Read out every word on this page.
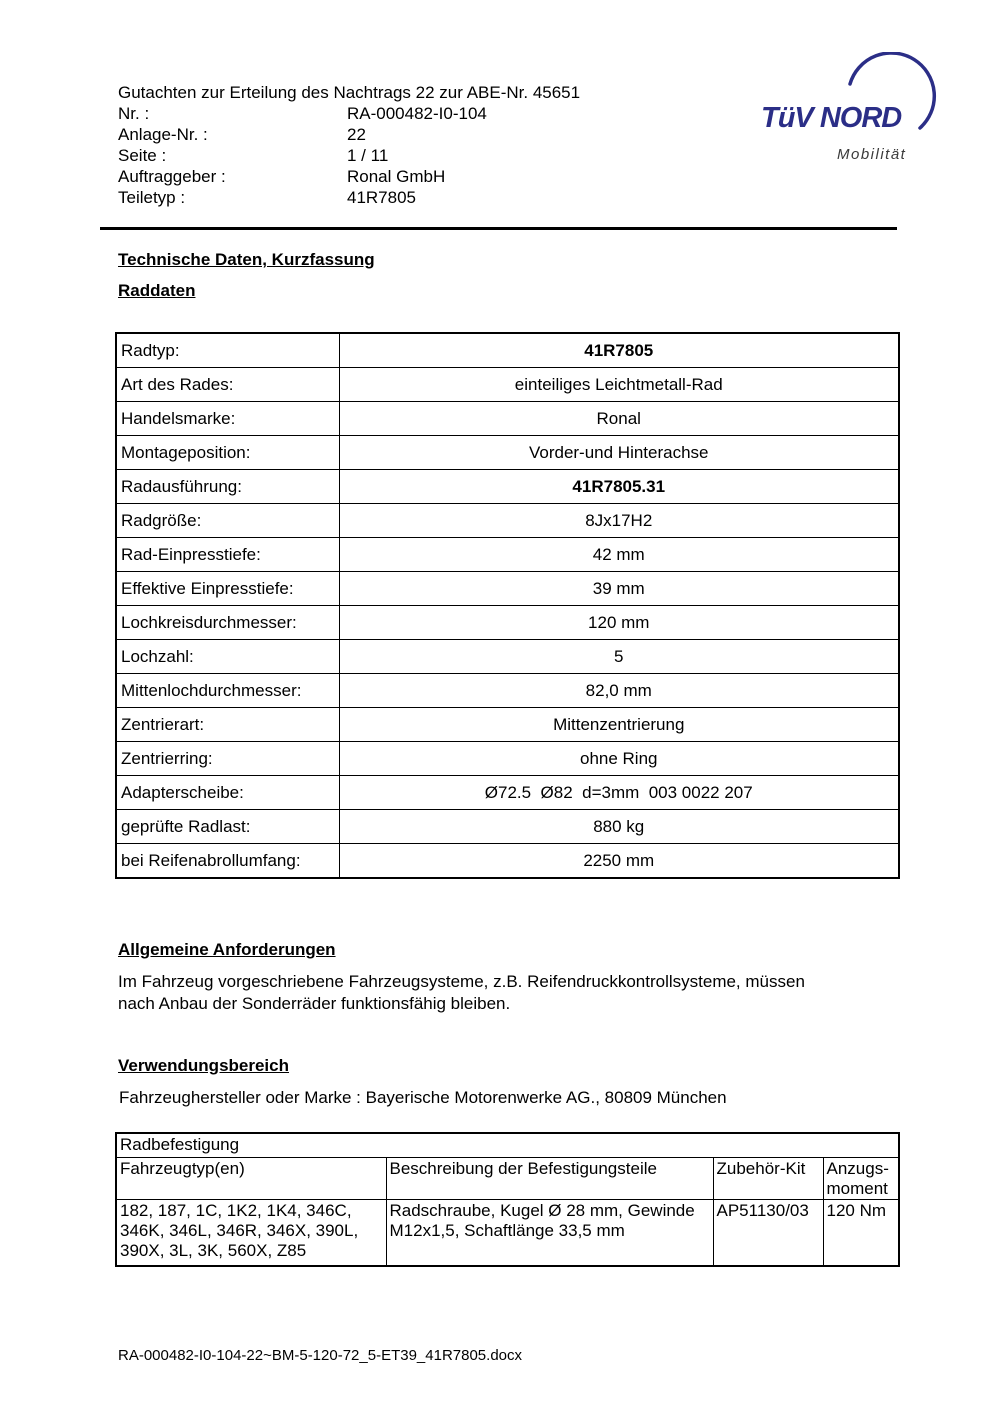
Gutachten zur Erteilung des Nachtrags 22 zur ABE-Nr. 45651
Nr. :	RA-000482-I0-104
Anlage-Nr. :	22
Seite :	1 / 11
Auftraggeber :	Ronal GmbH
Teiletyp :	41R7805
TüV NORD
Mobilität
Technische Daten, Kurzfassung
Raddaten
Radtyp:	41R7805
Art des Rades:	einteiliges Leichtmetall-Rad
Handelsmarke:	Ronal
Montageposition:	Vorder-und Hinterachse
Radausführung:	41R7805.31
Radgröße:	8Jx17H2
Rad-Einpresstiefe:	42 mm
Effektive Einpresstiefe:	39 mm
Lochkreisdurchmesser:	120 mm
Lochzahl:	5
Mittenlochdurchmesser:	82,0 mm
Zentrierart:	Mittenzentrierung
Zentrierring:	ohne Ring
Adapterscheibe:	Ø72.5  Ø82  d=3mm  003 0022 207
geprüfte Radlast:	880 kg
bei Reifenabrollumfang:	2250 mm
Allgemeine Anforderungen
Im Fahrzeug vorgeschriebene Fahrzeugsysteme, z.B. Reifendruckkontrollsysteme, müssen
nach Anbau der Sonderräder funktionsfähig bleiben.
Verwendungsbereich
Fahrzeughersteller oder Marke : Bayerische Motorenwerke AG., 80809 München
Radbefestigung			
Fahrzeugtyp(en)	Beschreibung der Befestigungsteile	Zubehör-Kit	Anzugs-moment
182, 187, 1C, 1K2, 1K4, 346C, 346K, 346L, 346R, 346X, 390L, 390X, 3L, 3K, 560X, Z85	Radschraube, Kugel Ø 28 mm, Gewinde M12x1,5, Schaftlänge 33,5 mm	AP51130/03	120 Nm
RA-000482-I0-104-22~BM-5-120-72_5-ET39_41R7805.docx
